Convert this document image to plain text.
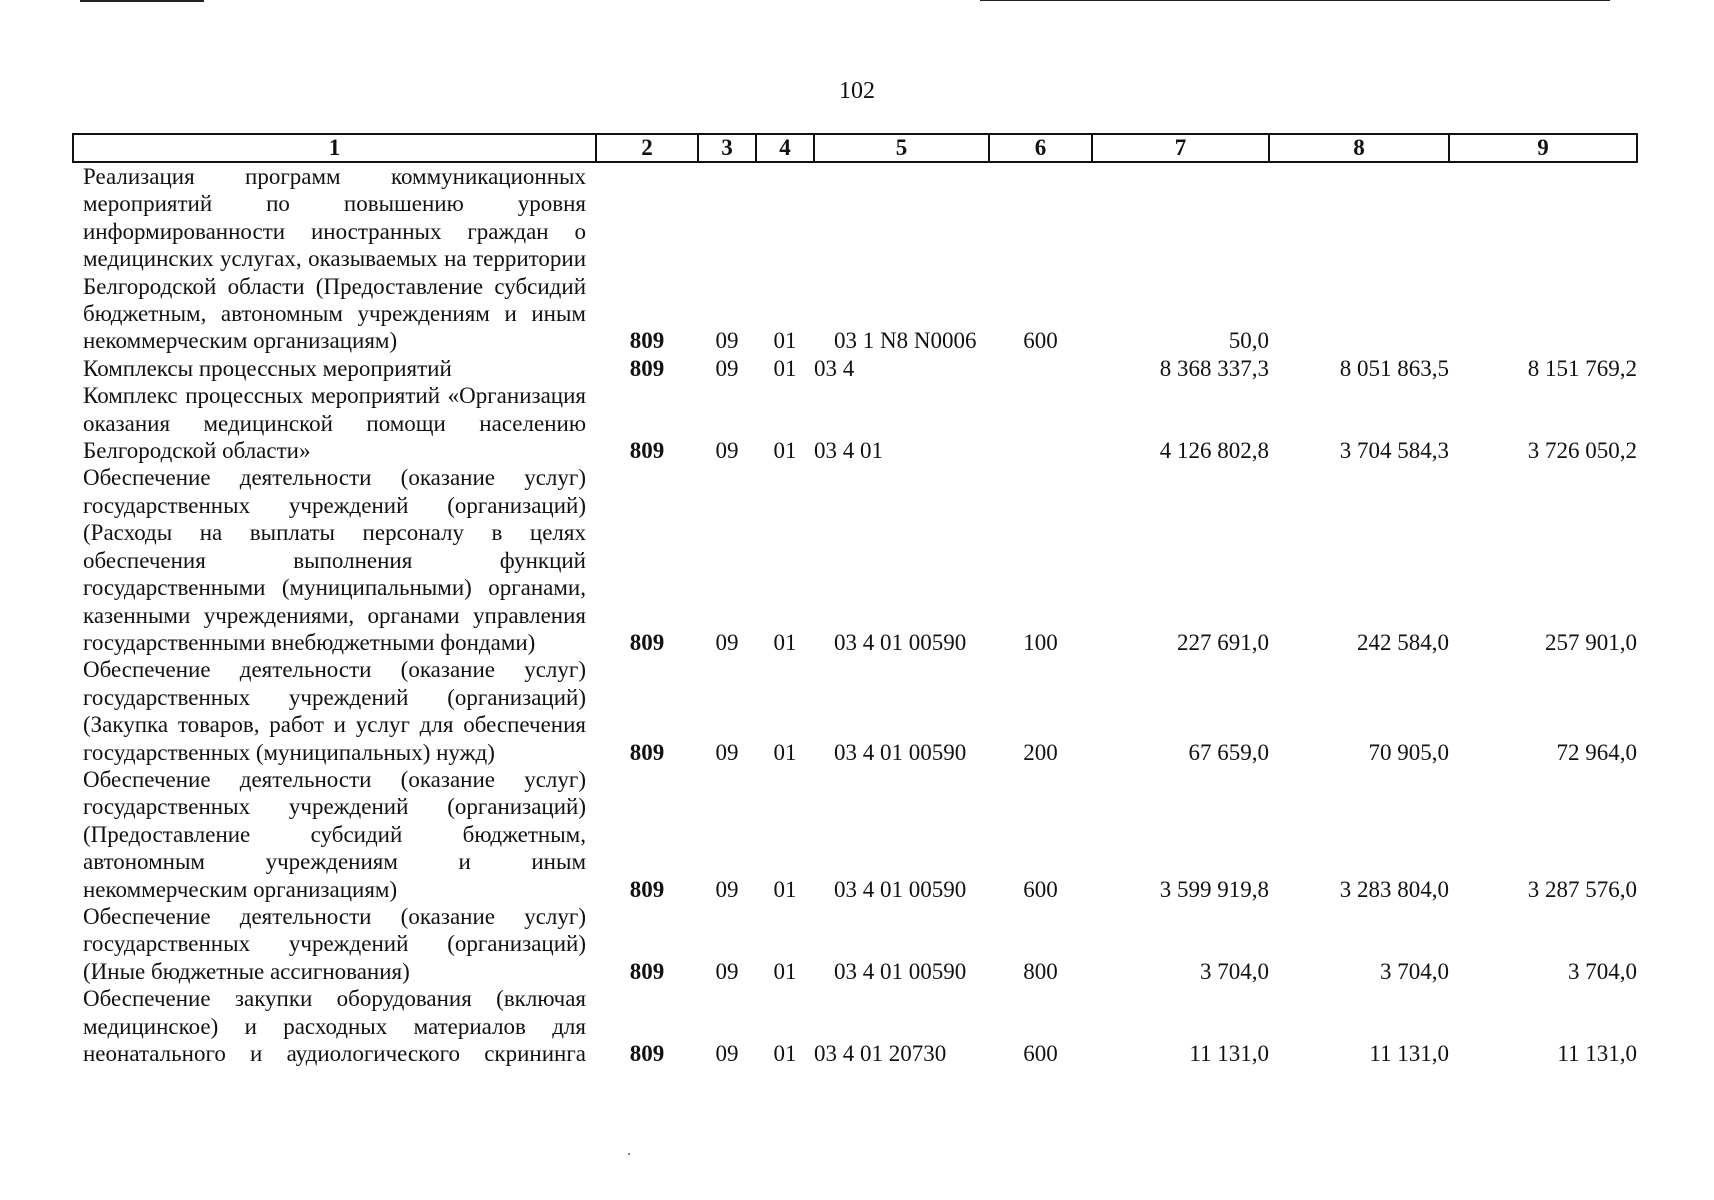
102
1	2	3	4	5	6	7	8	9
Реализация программ коммуникационных мероприятий по повышению уровня информированности иностранных граждан о медицинских услугах, оказываемых на территории Белгородской области (Предоставление субсидий бюджетным, автономным учреждениям и иным некоммерческим организациям)	809	09	01	03 1 N8 N0006	600	50,0		
Комплексы процессных мероприятий	809	09	01	03 4		8 368 337,3	8 051 863,5	8 151 769,2
Комплекс процессных мероприятий «Организация оказания медицинской помощи населению Белгородской области»	809	09	01	03 4 01		4 126 802,8	3 704 584,3	3 726 050,2
Обеспечение деятельности (оказание услуг) государственных учреждений (организаций) (Расходы на выплаты персоналу в целях обеспечения выполнения функций государственными (муниципальными) органами, казенными учреждениями, органами управления государственными внебюджетными фондами)	809	09	01	03 4 01 00590	100	227 691,0	242 584,0	257 901,0
Обеспечение деятельности (оказание услуг) государственных учреждений (организаций) (Закупка товаров, работ и услуг для обеспечения государственных (муниципальных) нужд)	809	09	01	03 4 01 00590	200	67 659,0	70 905,0	72 964,0
Обеспечение деятельности (оказание услуг) государственных учреждений (организаций) (Предоставление субсидий бюджетным, автономным учреждениям и иным некоммерческим организациям)	809	09	01	03 4 01 00590	600	3 599 919,8	3 283 804,0	3 287 576,0
Обеспечение деятельности (оказание услуг) государственных учреждений (организаций) (Иные бюджетные ассигнования)	809	09	01	03 4 01 00590	800	3 704,0	3 704,0	3 704,0
Обеспечение закупки оборудования (включая медицинское) и расходных материалов для неонатального и аудиологического скрининга	809	09	01	03 4 01 20730	600	11 131,0	11 131,0	11 131,0
